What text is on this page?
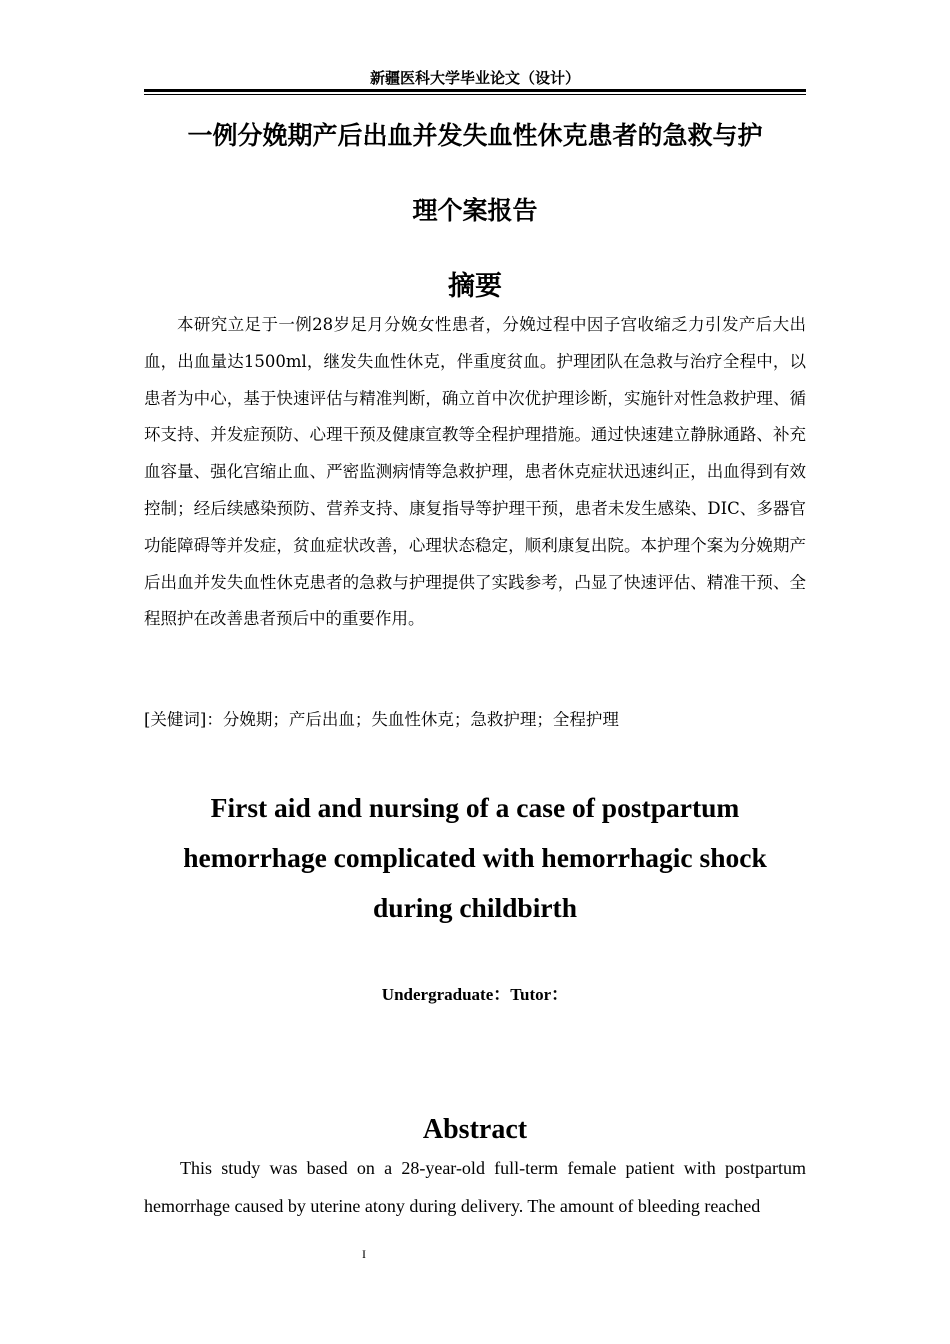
新疆医科大学毕业论文（设计）
一例分娩期产后出血并发失血性休克患者的急救与护
理个案报告
摘要
本研究立足于一例28岁足月分娩女性患者，分娩过程中因子宫收缩乏力引发产后大出血，出血量达1500ml，继发失血性休克，伴重度贫血。护理团队在急救与治疗全程中，以患者为中心，基于快速评估与精准判断，确立首中次优护理诊断，实施针对性急救护理、循环支持、并发症预防、心理干预及健康宣教等全程护理措施。通过快速建立静脉通路、补充血容量、强化宫缩止血、严密监测病情等急救护理，患者休克症状迅速纠正，出血得到有效控制；经后续感染预防、营养支持、康复指导等护理干预，患者未发生感染、DIC、多器官功能障碍等并发症，贫血症状改善，心理状态稳定，顺利康复出院。本护理个案为分娩期产后出血并发失血性休克患者的急救与护理提供了实践参考，凸显了快速评估、精准干预、全程照护在改善患者预后中的重要作用。
[关健词]：分娩期；产后出血；失血性休克；急救护理；全程护理
First aid and nursing of a case of postpartum
hemorrhage complicated with hemorrhagic shock
during childbirth
Undergraduate：Tutor：
Abstract
This study was based on a 28-year-old full-term female patient with postpartum hemorrhage caused by uterine atony during delivery. The amount of bleeding reached
I
